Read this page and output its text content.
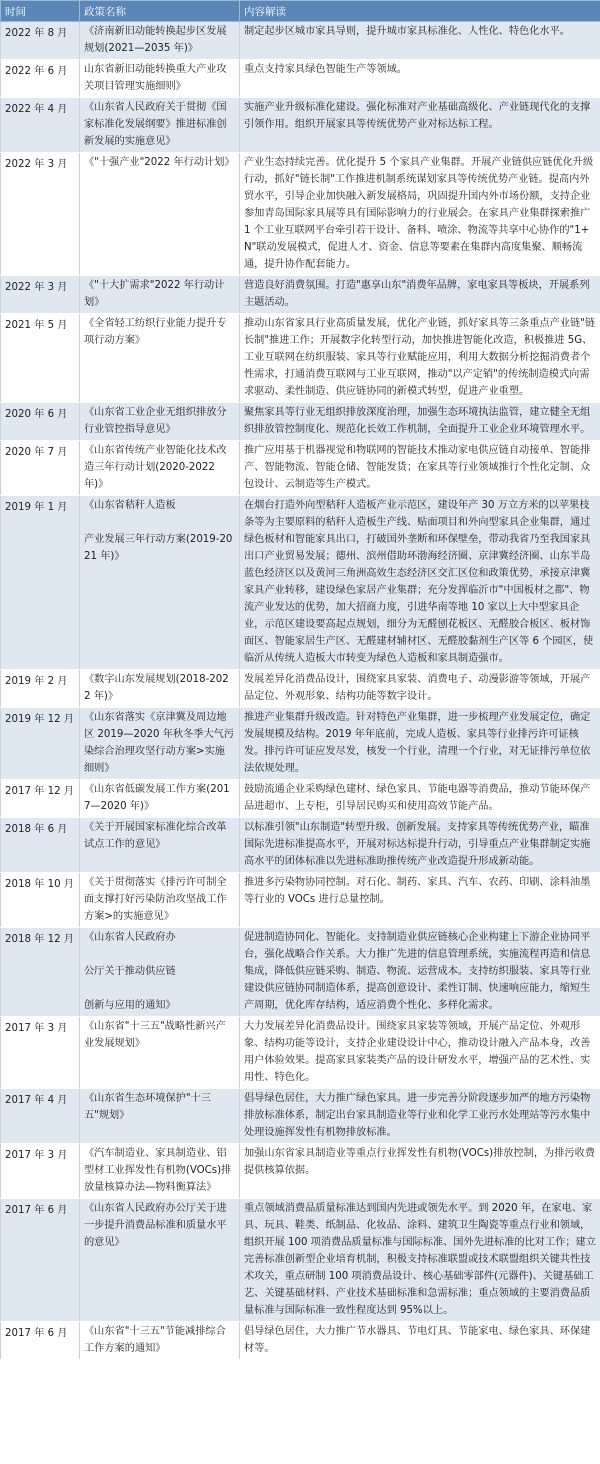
时间	政策名称	内容解读
2022 年 8 月	《济南新旧动能转换起步区发展规划(2021—2035 年)》	制定起步区城市家具导则，提升城市家具标准化、人性化、特色化水平。
2022 年 6 月	山东省新旧动能转换重大产业攻关项目管理实施细则》	重点支持家具绿色智能生产等领域。
2022 年 4 月	《山东省人民政府关于贯彻《国家标准化发展纲要》推进标准创新发展的实施意见》	实施产业升级标准化建设。强化标准对产业基础高级化、产业链现代化的支撑引领作用。组织开展家具等传统优势产业对标达标工程。
2022 年 3 月	《"十强产业"2022 年行动计划》	产业生态持续完善。优化提升 5 个家具产业集群。开展产业链供应链优化升级行动，抓好"链长制"工作推进机制系统谋划家具等传统优势产业链。提高内外贸水平，引导企业加快融入新发展格局，巩固提升国内外市场份额，支持企业参加青岛国际家具展等具有国际影响力的行业展会。在家具产业集群探索推广 1 个工业互联网平台牵引若干设计、备料、喷涂、物流等共享中心协作的"1+N"联动发展模式，促进人才、资金、信息等要素在集群内高度集聚、顺畅流通，提升协作配套能力。
2022 年 3 月	《"十大扩需求"2022 年行动计划》	营造良好消费氛围。打造"惠享山东"消费年品牌，家电家具等板块，开展系列主题活动。
2021 年 5 月	《全省轻工纺织行业能力提升专项行动方案》	推动山东省家具行业高质量发展，优化产业链，抓好家具等三条重点产业链"链长制"推进工作；开展数字化转型行动，加快推进智能化改造，积极推进 5G、工业互联网在纺织服装、家具等行业赋能应用，利用大数据分析挖掘消费者个性需求，打通消费互联网与工业互联网，推动"以产定销"的传统制造模式向需求驱动、柔性制造、供应链协同的新模式转型，促进产业重塑。
2020 年 6 月	《山东省工业企业无组织排放分行业管控指导意见》	聚焦家具等行业无组织排放深度治理，加强生态环境执法监管，建立健全无组织排放管控制度化、规范化长效工作机制，全面提升工业企业环境管理水平。
2020 年 7 月	《山东省传统产业智能化技术改造三年行动计划(2020-2022 年)》	推广应用基于机器视觉和物联网的智能技术推动家电供应链自动接单、智能排产、智能物流、智能仓储、智能发货；在家具等行业领域推行个性化定制、众包设计、云制造等生产模式。
2019 年 1 月	《山东省秸秆人造板

产业发展三年行动方案(2019-2021 年)》	在烟台打造外向型秸秆人造板产业示范区，建设年产 30 万立方米的以苹果枝条等为主要原料的秸秆人造板生产线、贴面项目和外向型家具企业集群，通过绿色板材和智能家具出口，打破国外垄断和环保壁垒，带动我省乃至我国家具出口产业贸易发展；德州、滨州借助环渤海经济圈、京津冀经济圈、山东半岛蓝色经济区以及黄河三角洲高效生态经济区交汇区位和政策优势，承接京津冀家具产业转移，建设绿色家居产业集群；充分发挥临沂市"中国板材之都"、物流产业发达的优势，加大招商力度，引进华南等地 10 家以上大中型家具企业，示范区建设要高起点规划，细分为无醛刨花板区、无醛胶合板区、板材饰面区、智能家居生产区、无醛建材辅材区、无醛胶黏剂生产区等 6 个园区，使临沂从传统人造板大市转变为绿色人造板和家具制造强市。
2019 年 2 月	《数字山东发展规划(2018-2022 年)》	发展差异化消费品设计，围绕家具家装、消费电子、动漫影游等领域，开展产品定位、外观形象、结构功能等数字设计。
2019 年 12 月	《山东省落实《京津冀及周边地区 2019—2020 年秋冬季大气污染综合治理攻坚行动方案>实施细则》	推进产业集群升级改造。针对特色产业集群，进一步梳理产业发展定位，确定发展规模及结构。2019 年年底前，完成人造板、家具等行业排污许可证核发。排污许可证应发尽发，核发一个行业，清理一个行业，对无证排污单位依法依规处理。
2017 年 12 月	《山东省低碳发展工作方案(2017—2020 年)》	鼓励流通企业采购绿色建材、绿色家具、节能电器等消费品，推动节能环保产品进超市、上专柜，引导居民购买和使用高效节能产品。
2018 年 6 月	《关于开展国家标准化综合改革试点工作的意见》	以标准引领"山东制造"转型升级、创新发展。支持家具等传统优势产业，瞄准国际先进标准提高水平，开展对标达标提升行动，引导重点产业集群制定实施高水平的团体标准以先进标准助推传统产业改造提升形成新动能。
2018 年 10 月	《关于贯彻落实《排污许可制全面支撑打好污染防治攻坚战工作方案>的实施意见》	推进多污染物协同控制。对石化、制药、家具、汽车、农药、印刷、涂料油墨等行业的 VOCs 进行总量控制。
2018 年 12 月	《山东省人民政府办

公厅关于推动供应链

创新与应用的通知》	促进制造协同化、智能化。支持制造业供应链核心企业构建上下游企业协同平台，强化战略合作关系。大力推广先进的信息管理系统，实施流程再造和信息集成，降低供应链采购、制造、物流、运营成本。支持纺织服装、家具等行业建设供应链协同制造体系，提高创意设计、柔性订制、快速响应能力，缩短生产周期，优化库存结构，适应消费个性化、多样化需求。
2017 年 3 月	《山东省"十三五"战略性新兴产业发展规划》	大力发展差异化消费品设计。围绕家具家装等领域，开展产品定位、外观形象、结构功能等设计，支持企业建设设计中心，推动设计融入产品本身，改善用户体验效果。提高家具家装类产品的设计研发水平，增强产品的艺术性、实用性、特色化。
2017 年 4 月	《山东省生态环境保护"十三五"规划》	倡导绿色居住，大力推广绿色家具。进一步完善分阶段逐步加严的地方污染物排放标准体系，制定出台家具制造业等行业和化学工业污水处理站等污水集中处理设施挥发性有机物排放标准。
2017 年 3 月	《汽车制造业、家具制造业、铝型材工业挥发性有机物(VOCs)排放量核算办法—物料衡算法》	加强山东省家具制造业等重点行业挥发性有机物(VOCs)排放控制，为排污收费提供核算依据。
2017 年 6 月	《山东省人民政府办公厅关于进一步提升消费品标准和质量水平的意见》	重点领域消费品质量标准达到国内先进或领先水平。到 2020 年，在家电、家具、玩具、鞋类、纸制品、化妆品、涂料、建筑卫生陶瓷等重点行业和领域，组织开展 100 项消费品质量标准与国际标准、国外先进标准的比对工作；建立完善标准创新型企业培育机制，积极支持标准联盟或技术联盟组织关键共性技术攻关，重点研制 100 项消费品设计、核心基础零部件(元器件)、关键基础工艺、关键基础材料、产业技术基础标准和急需标准；重点领域的主要消费品质量标准与国际标准一致性程度达到 95%以上。
2017 年 6 月	《山东省"十三五"节能减排综合工作方案的通知》	倡导绿色居住，大力推广节水器具、节电灯具、节能家电、绿色家具、环保建材等。
